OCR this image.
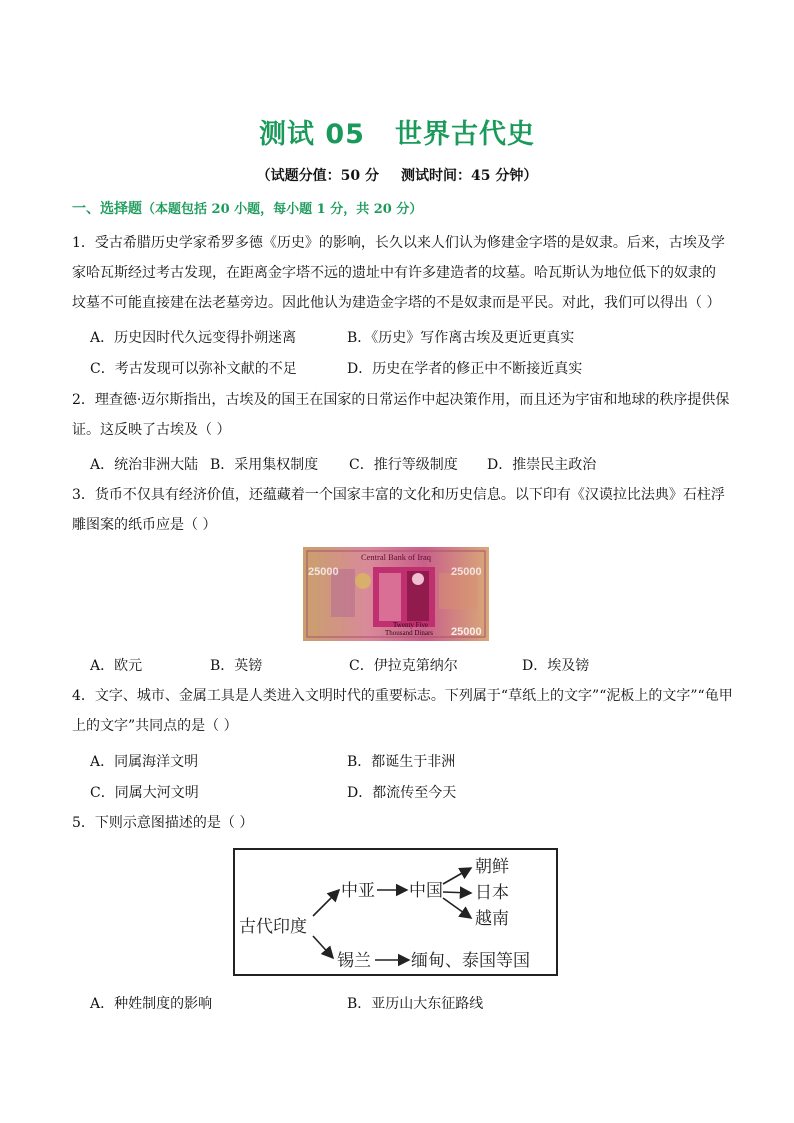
测试 05 世界古代史
（试题分值：50 分 测试时间：45 分钟）
一、选择题（本题包括 20 小题，每小题 1 分，共 20 分）
1．受古希腊历史学家希罗多德《历史》的影响，长久以来人们认为修建金字塔的是奴隶。后来，古埃及学
家哈瓦斯经过考古发现，在距离金字塔不远的遗址中有许多建造者的坟墓。哈瓦斯认为地位低下的奴隶的
坟墓不可能直接建在法老墓旁边。因此他认为建造金字塔的不是奴隶而是平民。对此，我们可以得出（ ）
A．历史因时代久远变得扑朔迷离	B．《历史》写作离古埃及更近更真实
C．考古发现可以弥补文献的不足	D．历史在学者的修正中不断接近真实
2．理查德·迈尔斯指出，古埃及的国王在国家的日常运作中起决策作用，而且还为宇宙和地球的秩序提供保
证。这反映了古埃及（ ）
A．统治非洲大陆 B．采用集权制度 C．推行等级制度 D．推崇民主政治
3．货币不仅具有经济价值，还蕴藏着一个国家丰富的文化和历史信息。以下印有《汉谟拉比法典》石柱浮
雕图案的纸币应是（ ）
Central Bank of Iraq
25000	25000
25000
Twenty Five
Thousand Dinars
A．欧元	B．英镑	C．伊拉克第纳尔	D．埃及镑
4．文字、城市、金属工具是人类进入文明时代的重要标志。下列属于“草纸上的文字”“泥板上的文字”“龟甲
上的文字”共同点的是（ ）
A．同属海洋文明	B．都诞生于非洲
C．同属大河文明	D．都流传至今天
5．下则示意图描述的是（ ）
古代印度
中亚 中国
朝鲜
日本
越南
锡兰 缅甸、泰国等国
A．种姓制度的影响	B．亚历山大东征路线
